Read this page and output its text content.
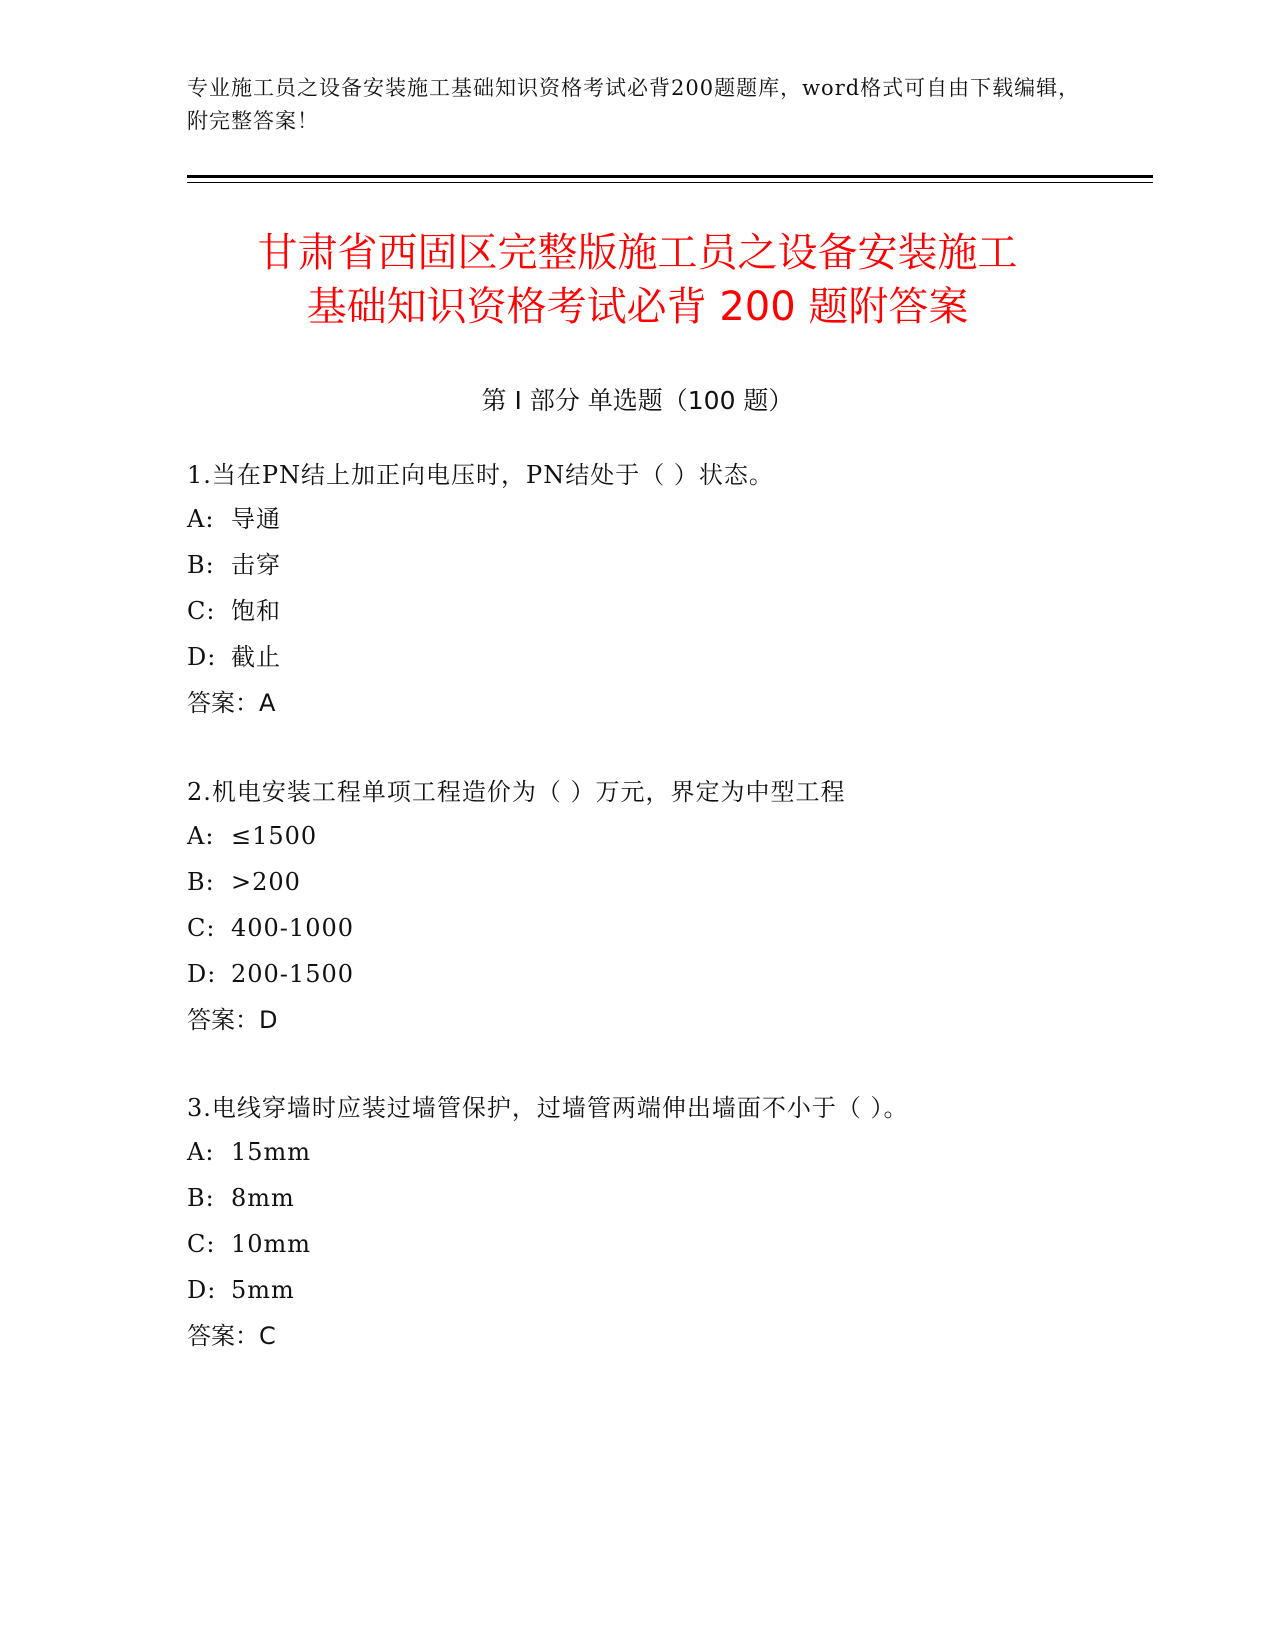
专业施工员之设备安装施工基础知识资格考试必背200题题库，word格式可自由下载编辑，附完整答案！
甘肃省西固区完整版施工员之设备安装施工
基础知识资格考试必背 200 题附答案
第 I 部分 单选题（100 题）
1.当在PN结上加正向电压时，PN结处于（ ）状态。
A: 导通
B: 击穿
C: 饱和
D: 截止
答案：A
2.机电安装工程单项工程造价为（ ）万元，界定为中型工程
A: ≤1500
B: >200
C: 400-1000
D: 200-1500
答案：D
3.电线穿墙时应装过墙管保护，过墙管两端伸出墙面不小于（ ）。
A: 15mm
B: 8mm
C: 10mm
D: 5mm
答案：C
